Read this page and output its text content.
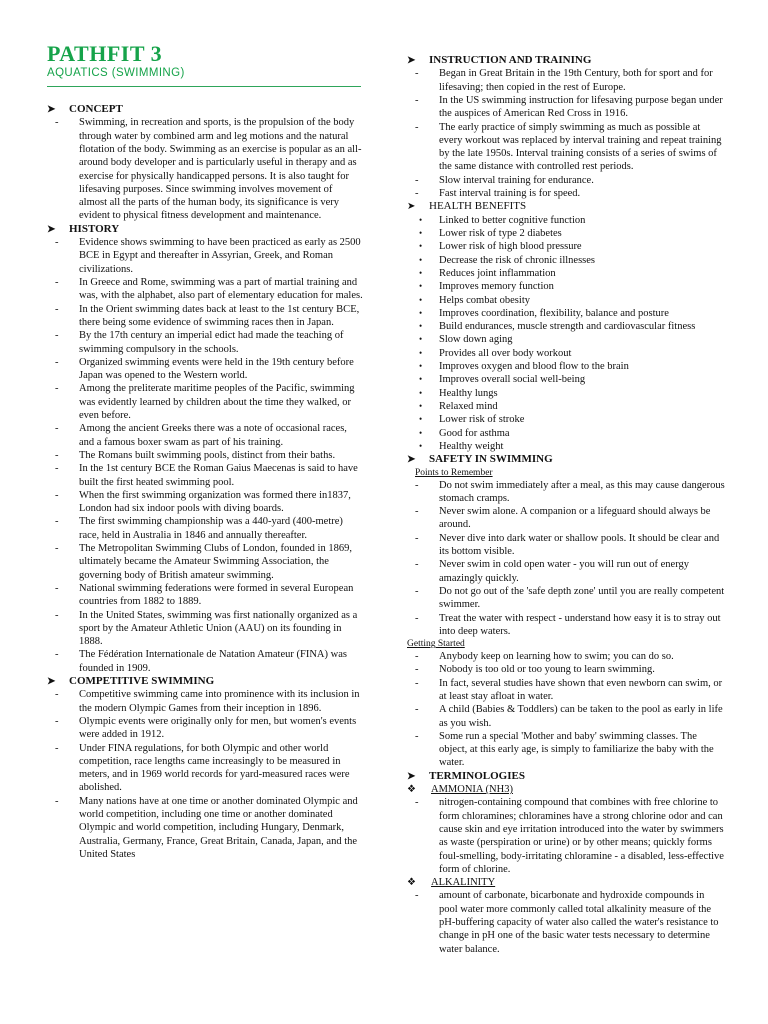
PATHFIT 3
AQUATICS (SWIMMING)
➤	CONCEPT
-	Swimming, in recreation and sports, is the propulsion of the body through water by combined arm and leg motions and the natural flotation of the body. Swimming as an exercise is popular as an all-around body developer and is particularly useful in therapy and as exercise for physically handicapped persons. It is also taught for lifesaving purposes. Since swimming involves movement of almost all the parts of the human body, its significance is very evident to physical fitness development and maintenance.
➤	HISTORY
-	Evidence shows swimming to have been practiced as early as 2500 BCE in Egypt and thereafter in Assyrian, Greek, and Roman civilizations.
-	In Greece and Rome, swimming was a part of martial training and was, with the alphabet, also part of elementary education for males.
-	In the Orient swimming dates back at least to the 1st century BCE, there being some evidence of swimming races then in Japan.
-	By the 17th century an imperial edict had made the teaching of swimming compulsory in the schools.
-	Organized swimming events were held in the 19th century before Japan was opened to the Western world.
-	Among the preliterate maritime peoples of the Pacific, swimming was evidently learned by children about the time they walked, or even before.
-	Among the ancient Greeks there was a note of occasional races, and a famous boxer swam as part of his training.
-	The Romans built swimming pools, distinct from their baths.
-	In the 1st century BCE the Roman Gaius Maecenas is said to have built the first heated swimming pool.
-	When the first swimming organization was formed there in1837, London had six indoor pools with diving boards.
-	The first swimming championship was a 440-yard (400-metre) race, held in Australia in 1846 and annually thereafter.
-	The Metropolitan Swimming Clubs of London, founded in 1869, ultimately became the Amateur Swimming Association, the governing body of British amateur swimming.
-	National swimming federations were formed in several European countries from 1882 to 1889.
-	In the United States, swimming was first nationally organized as a sport by the Amateur Athletic Union (AAU) on its founding in 1888.
-	The Fédération Internationale de Natation Amateur (FINA) was founded in 1909.
➤	COMPETITIVE SWIMMING
-	Competitive swimming came into prominence with its inclusion in the modern Olympic Games from their inception in 1896.
-	Olympic events were originally only for men, but women's events were added in 1912.
-	Under FINA regulations, for both Olympic and other world competition, race lengths came increasingly to be measured in meters, and in 1969 world records for yard-measured races were abolished.
-	Many nations have at one time or another dominated Olympic and world competition, including one time or another dominated Olympic and world competition, including Hungary, Denmark, Australia, Germany, France, Great Britain, Canada, Japan, and the United States
➤	INSTRUCTION AND TRAINING
-	Began in Great Britain in the 19th Century, both for sport and for lifesaving; then copied in the rest of Europe.
-	In the US swimming instruction for lifesaving purpose began under the auspices of American Red Cross in 1916.
-	The early practice of simply swimming as much as possible at every workout was replaced by interval training and repeat training by the late 1950s. Interval training consists of a series of swims of the same distance with controlled rest periods.
-	Slow interval training for endurance.
-	Fast interval training is for speed.
➤	HEALTH BENEFITS
•	Linked to better cognitive function
•	Lower risk of type 2 diabetes
•	Lower risk of high blood pressure
•	Decrease the risk of chronic illnesses
•	Reduces joint inflammation
•	Improves memory function
•	Helps combat obesity
•	Improves coordination, flexibility, balance and posture
•	Build endurances, muscle strength and cardiovascular fitness
•	Slow down aging
•	Provides all over body workout
•	Improves oxygen and blood flow to the brain
•	Improves overall social well-being
•	Healthy lungs
•	Relaxed mind
•	Lower risk of stroke
•	Good for asthma
•	Healthy weight
➤	SAFETY IN SWIMMING
Points to Remember
-	Do not swim immediately after a meal, as this may cause dangerous stomach cramps.
-	Never swim alone. A companion or a lifeguard should always be around.
-	Never dive into dark water or shallow pools. It should be clear and its bottom visible.
-	Never swim in cold open water - you will run out of energy amazingly quickly.
-	Do not go out of the 'safe depth zone' until you are really competent swimmer.
-	Treat the water with respect - understand how easy it is to stray out into deep waters.
Getting Started
-	Anybody keep on learning how to swim; you can do so.
-	Nobody is too old or too young to learn swimming.
-	In fact, several studies have shown that even newborn can swim, or at least stay afloat in water.
-	A child (Babies & Toddlers) can be taken to the pool as early in life as you wish.
-	Some run a special 'Mother and baby' swimming classes. The object, at this early age, is simply to familiarize the baby with the water.
➤	TERMINOLOGIES
❖	AMMONIA (NH3)
-	nitrogen-containing compound that combines with free chlorine to form chloramines; chloramines have a strong chlorine odor and can cause skin and eye irritation introduced into the water by swimmers as waste (perspiration or urine) or by other means; quickly forms foul-smelling, body-irritating chloramine - a disabled, less-effective form of chlorine.
❖	ALKALINITY
-	amount of carbonate, bicarbonate and hydroxide compounds in pool water more commonly called total alkalinity measure of the pH-buffering capacity of water also called the water's resistance to change in pH one of the basic water tests necessary to determine water balance.
